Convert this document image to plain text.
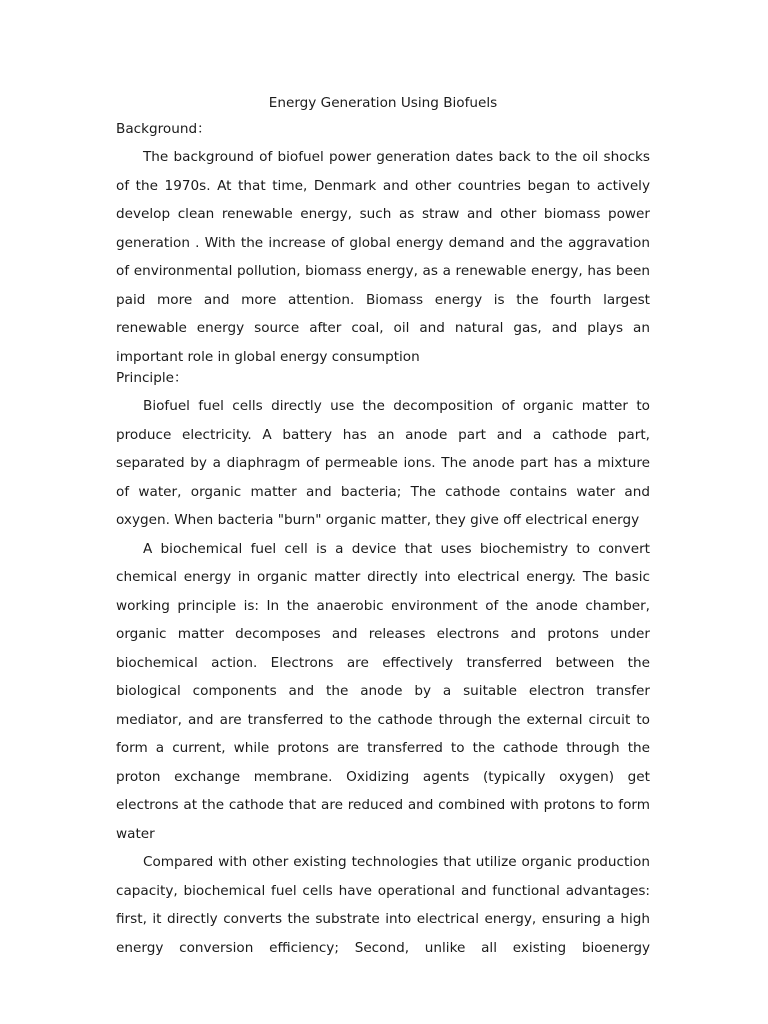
Energy Generation Using Biofuels
Background：

The background of biofuel power generation dates back to the oil shocks of the 1970s. At that time, Denmark and other countries began to actively develop clean renewable energy, such as straw and other biomass power generation . With the increase of global energy demand and the aggravation of environmental pollution, biomass energy, as a renewable energy, has been paid more and more attention. Biomass energy is the fourth largest renewable energy source after coal, oil and natural gas, and plays an important role in global energy consumption

Principle：

Biofuel fuel cells directly use the decomposition of organic matter to produce electricity. A battery has an anode part and a cathode part, separated by a diaphragm of permeable ions. The anode part has a mixture of water, organic matter and bacteria; The cathode contains water and oxygen. When bacteria "burn" organic matter, they give off electrical energy

A biochemical fuel cell is a device that uses biochemistry to convert chemical energy in organic matter directly into electrical energy. The basic working principle is: In the anaerobic environment of the anode chamber, organic matter decomposes and releases electrons and protons under biochemical action. Electrons are effectively transferred between the biological components and the anode by a suitable electron transfer mediator, and are transferred to the cathode through the external circuit to form a current, while protons are transferred to the cathode through the proton exchange membrane. Oxidizing agents (typically oxygen) get electrons at the cathode that are reduced and combined with protons to form water

Compared with other existing technologies that utilize organic production capacity, biochemical fuel cells have operational and functional advantages: first, it directly converts the substrate into electrical energy, ensuring a high energy conversion efficiency; Second, unlike all existing bioenergy
